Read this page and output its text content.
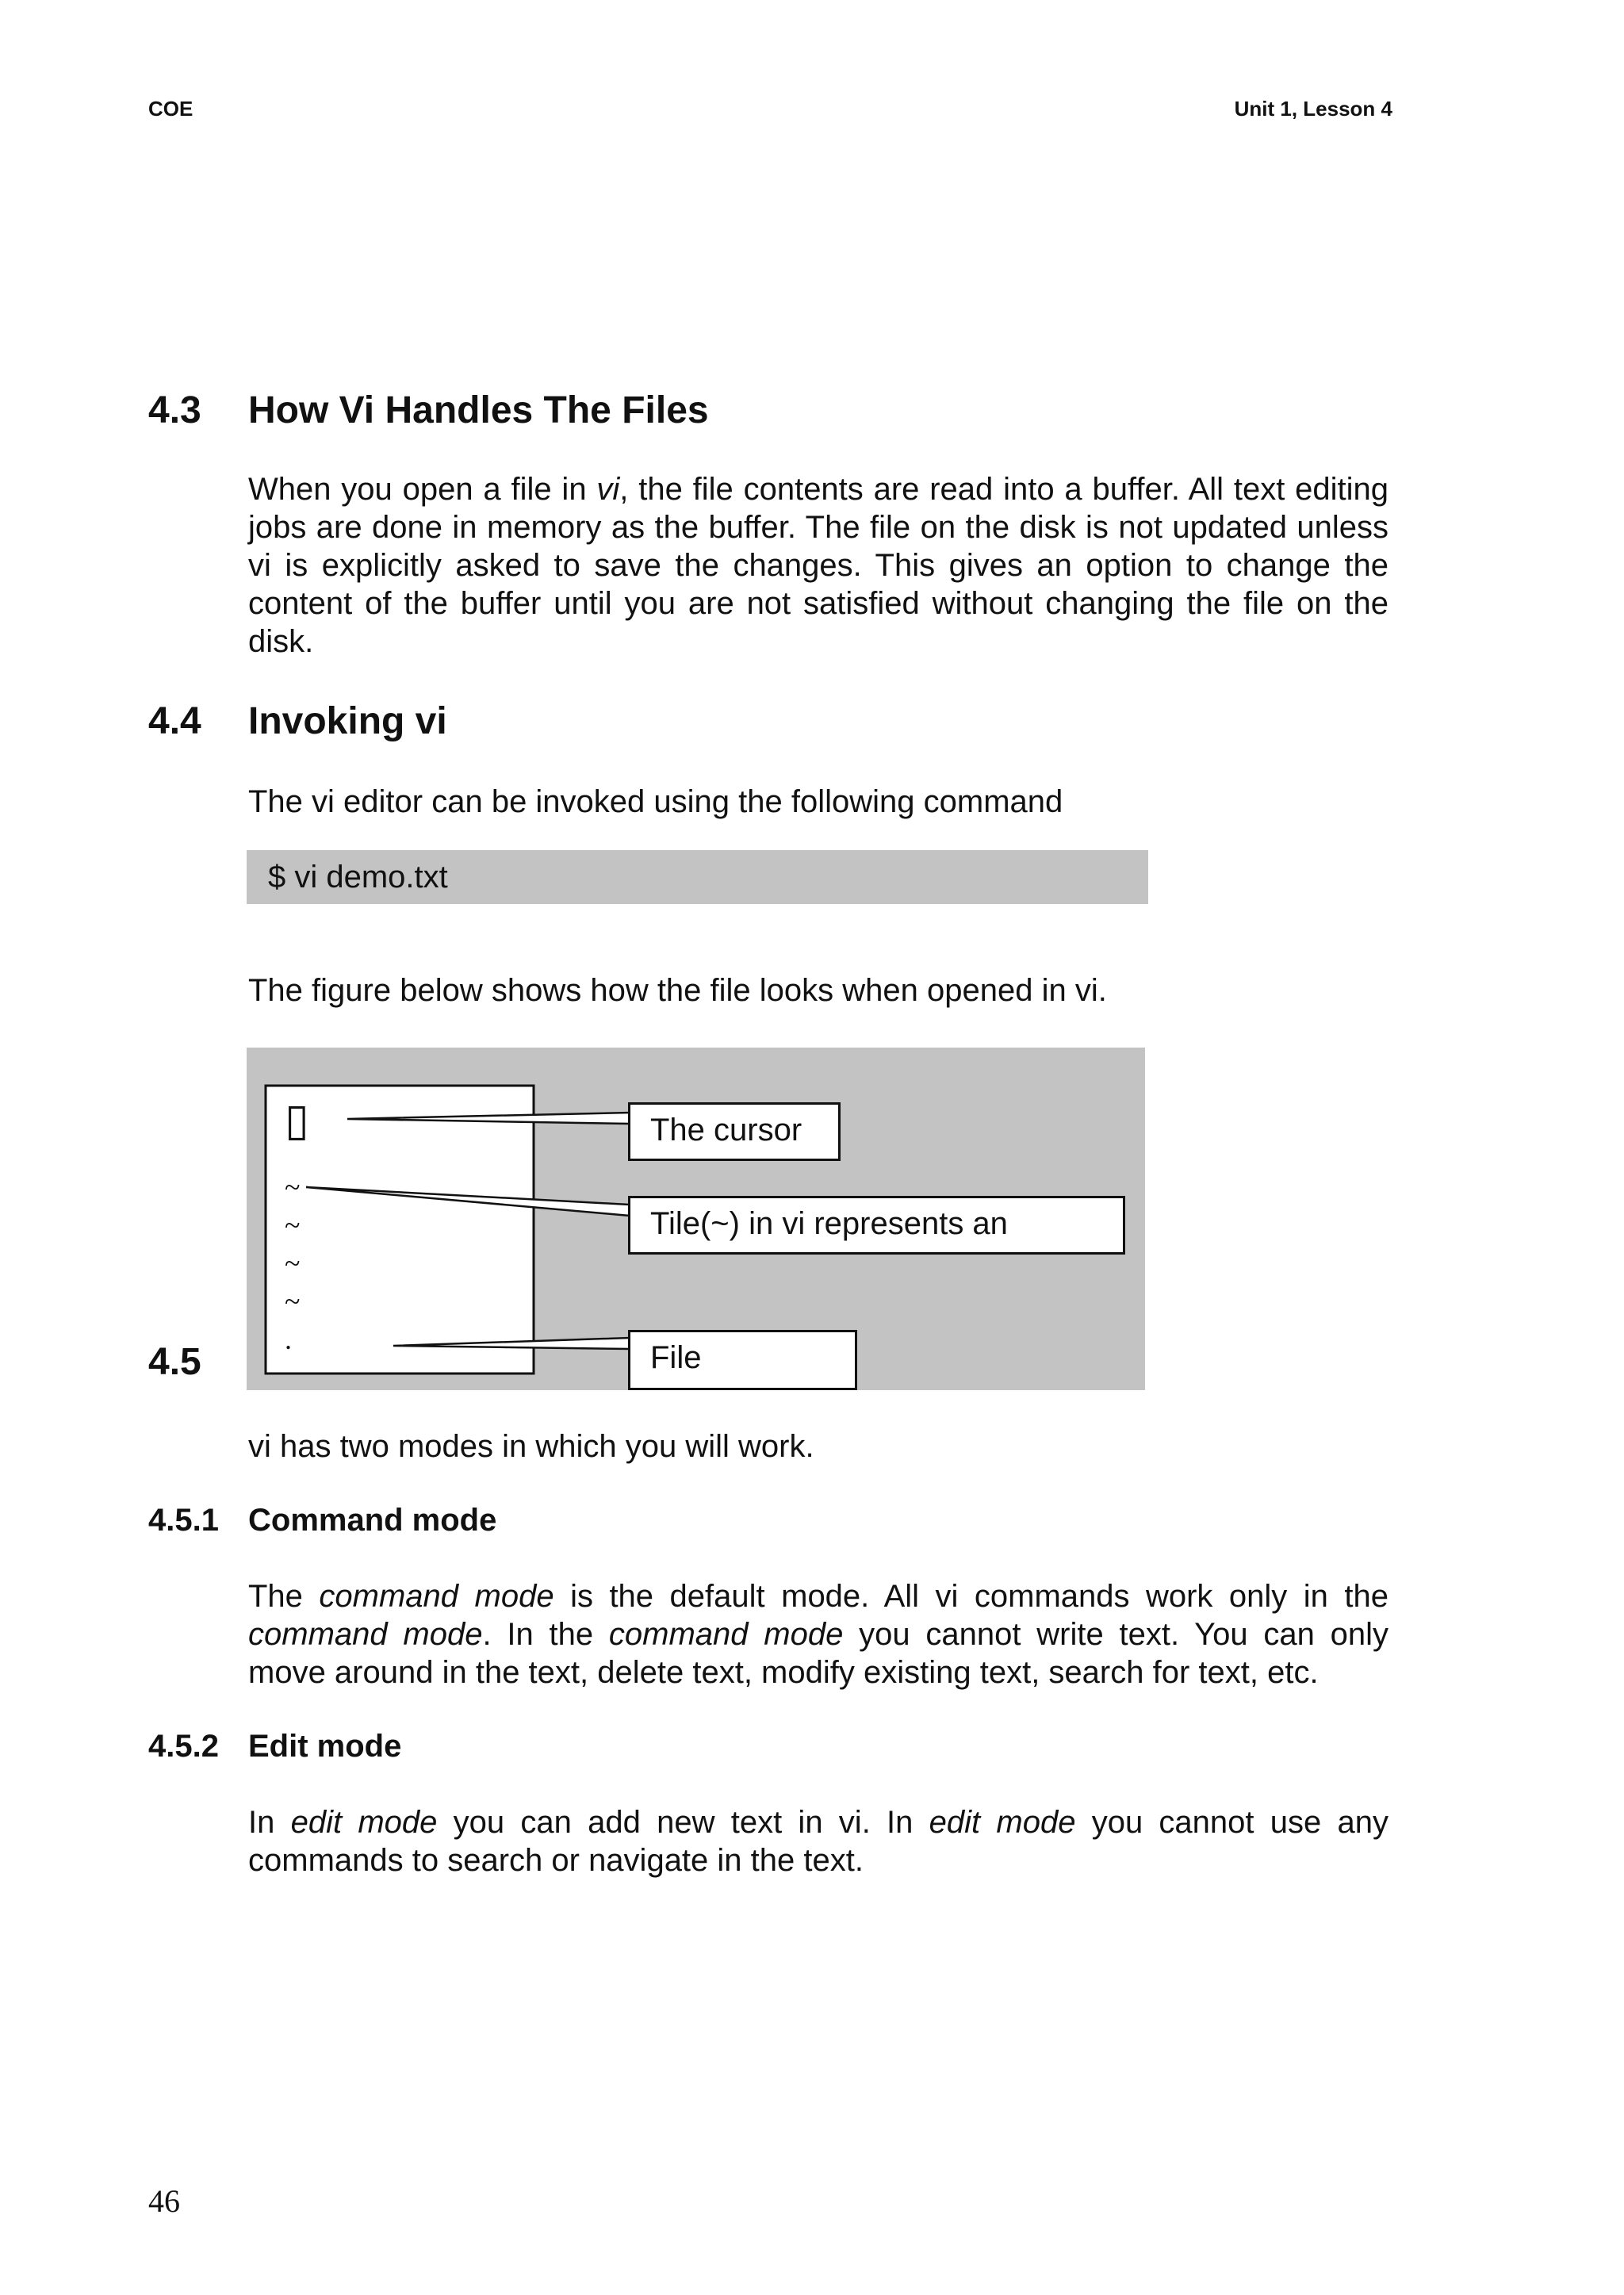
COE	Unit 1, Lesson 4
4.3 How Vi Handles The Files

When you open a file in vi, the file contents are read into a buffer. All text editing jobs are done in memory as the buffer. The file on the disk is not updated unless vi is explicitly asked to save the changes. This gives an option to change the content of the buffer until you are not satisfied without changing the file on the disk.

4.4 Invoking vi

The vi editor can be invoked using the following command

$ vi demo.txt

The figure below shows how the file looks when opened in vi.

▯
~
~
~
~
.
The cursor
Tile(~) in vi represents an
File
4.5

vi has two modes in which you will work.

4.5.1 Command mode

The command mode is the default mode. All vi commands work only in the command mode. In the command mode you cannot write text. You can only move around in the text, delete text, modify existing text, search for text, etc.

4.5.2 Edit mode

In edit mode you can add new text in vi. In edit mode you cannot use any commands to search or navigate in the text.

46
